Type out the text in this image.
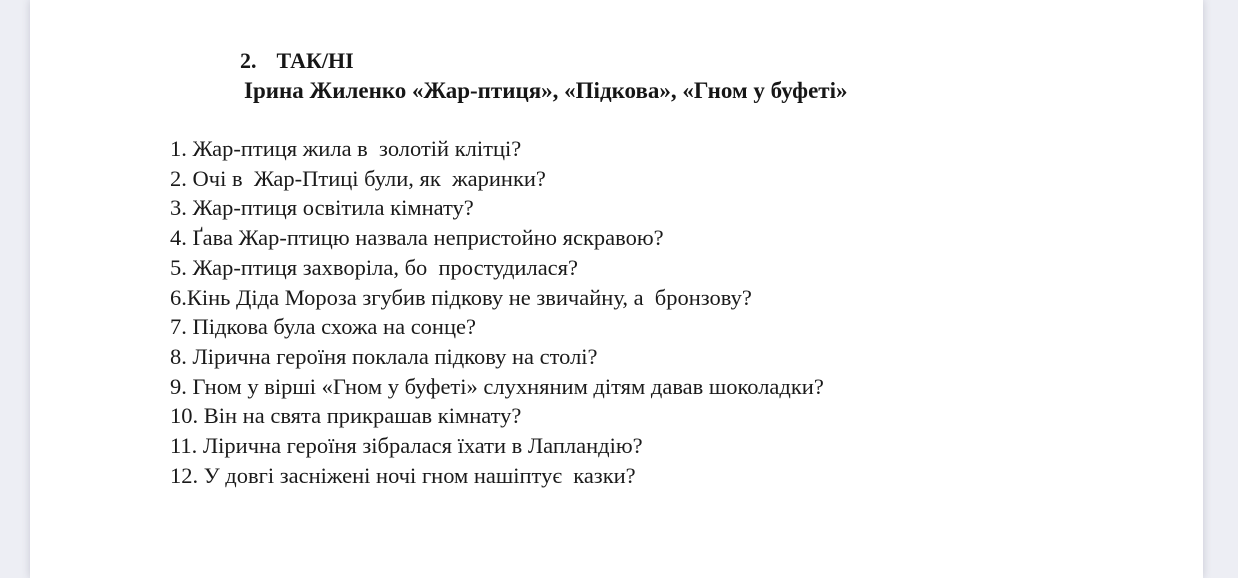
2. ТАК/НІ

Ірина Жиленко «Жар-птиця», «Підкова», «Гном у буфеті»
1. Жар-птиця жила в  золотій клітці?
2. Очі в  Жар-Птиці були, як  жаринки?
3. Жар-птиця освітила кімнату?
4. Ґава Жар-птицю назвала непристойно яскравою?
5. Жар-птиця захворіла, бо  простудилася?
6.Кінь Діда Мороза згубив підкову не звичайну, а  бронзову?
7. Підкова була схожа на сонце?
8. Лірична героїня поклала підкову на столі?
9. Гном у вірші «Гном у буфеті» слухняним дітям давав шоколадки?
10. Він на свята прикрашав кімнату?
11. Лірична героїня зібралася їхати в Лапландію?
12. У довгі засніжені ночі гном нашіптує  казки?
